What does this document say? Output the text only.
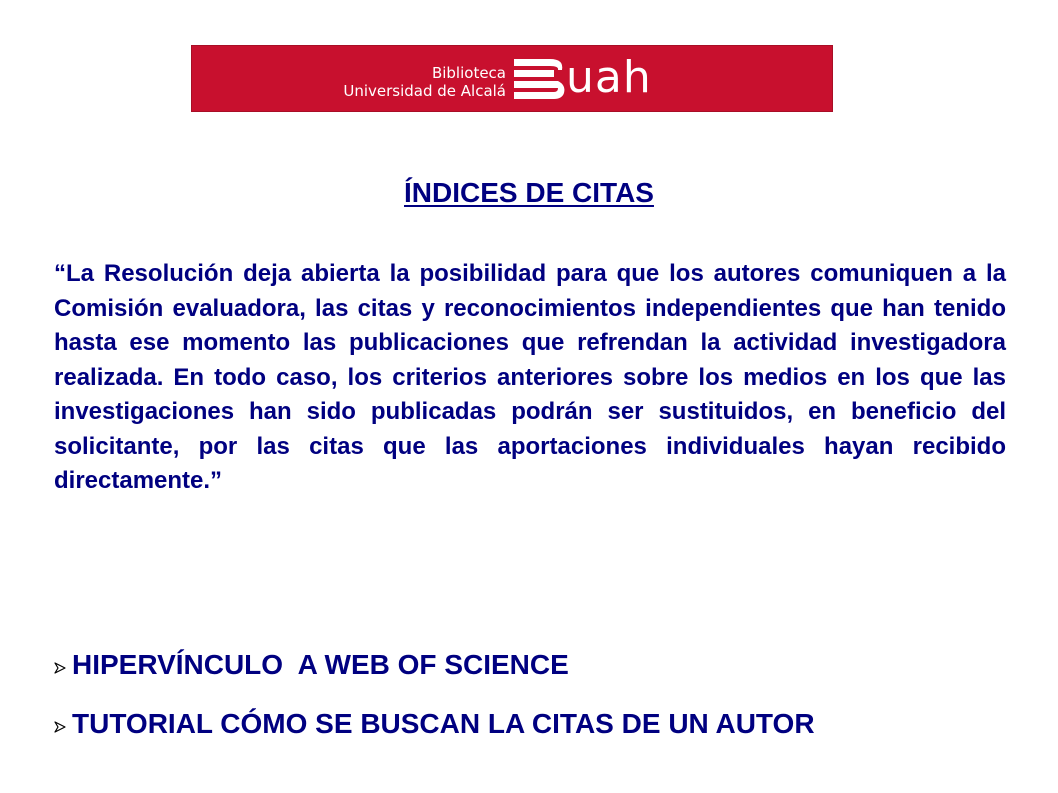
Biblioteca
Universidad de Alcalá uah
ÍNDICES DE CITAS

“La Resolución deja abierta la posibilidad para que los autores comuniquen a la Comisión evaluadora, las citas y reconocimientos independientes que han tenido hasta ese momento las publicaciones que refrendan la actividad investigadora realizada. En todo caso, los criterios anteriores sobre los medios en los que las investigaciones han sido publicadas podrán ser sustituidos, en beneficio del solicitante, por las citas que las aportaciones individuales hayan recibido directamente.”

HIPERVÍNCULO  A WEB OF SCIENCE
TUTORIAL CÓMO SE BUSCAN LA CITAS DE UN AUTOR
